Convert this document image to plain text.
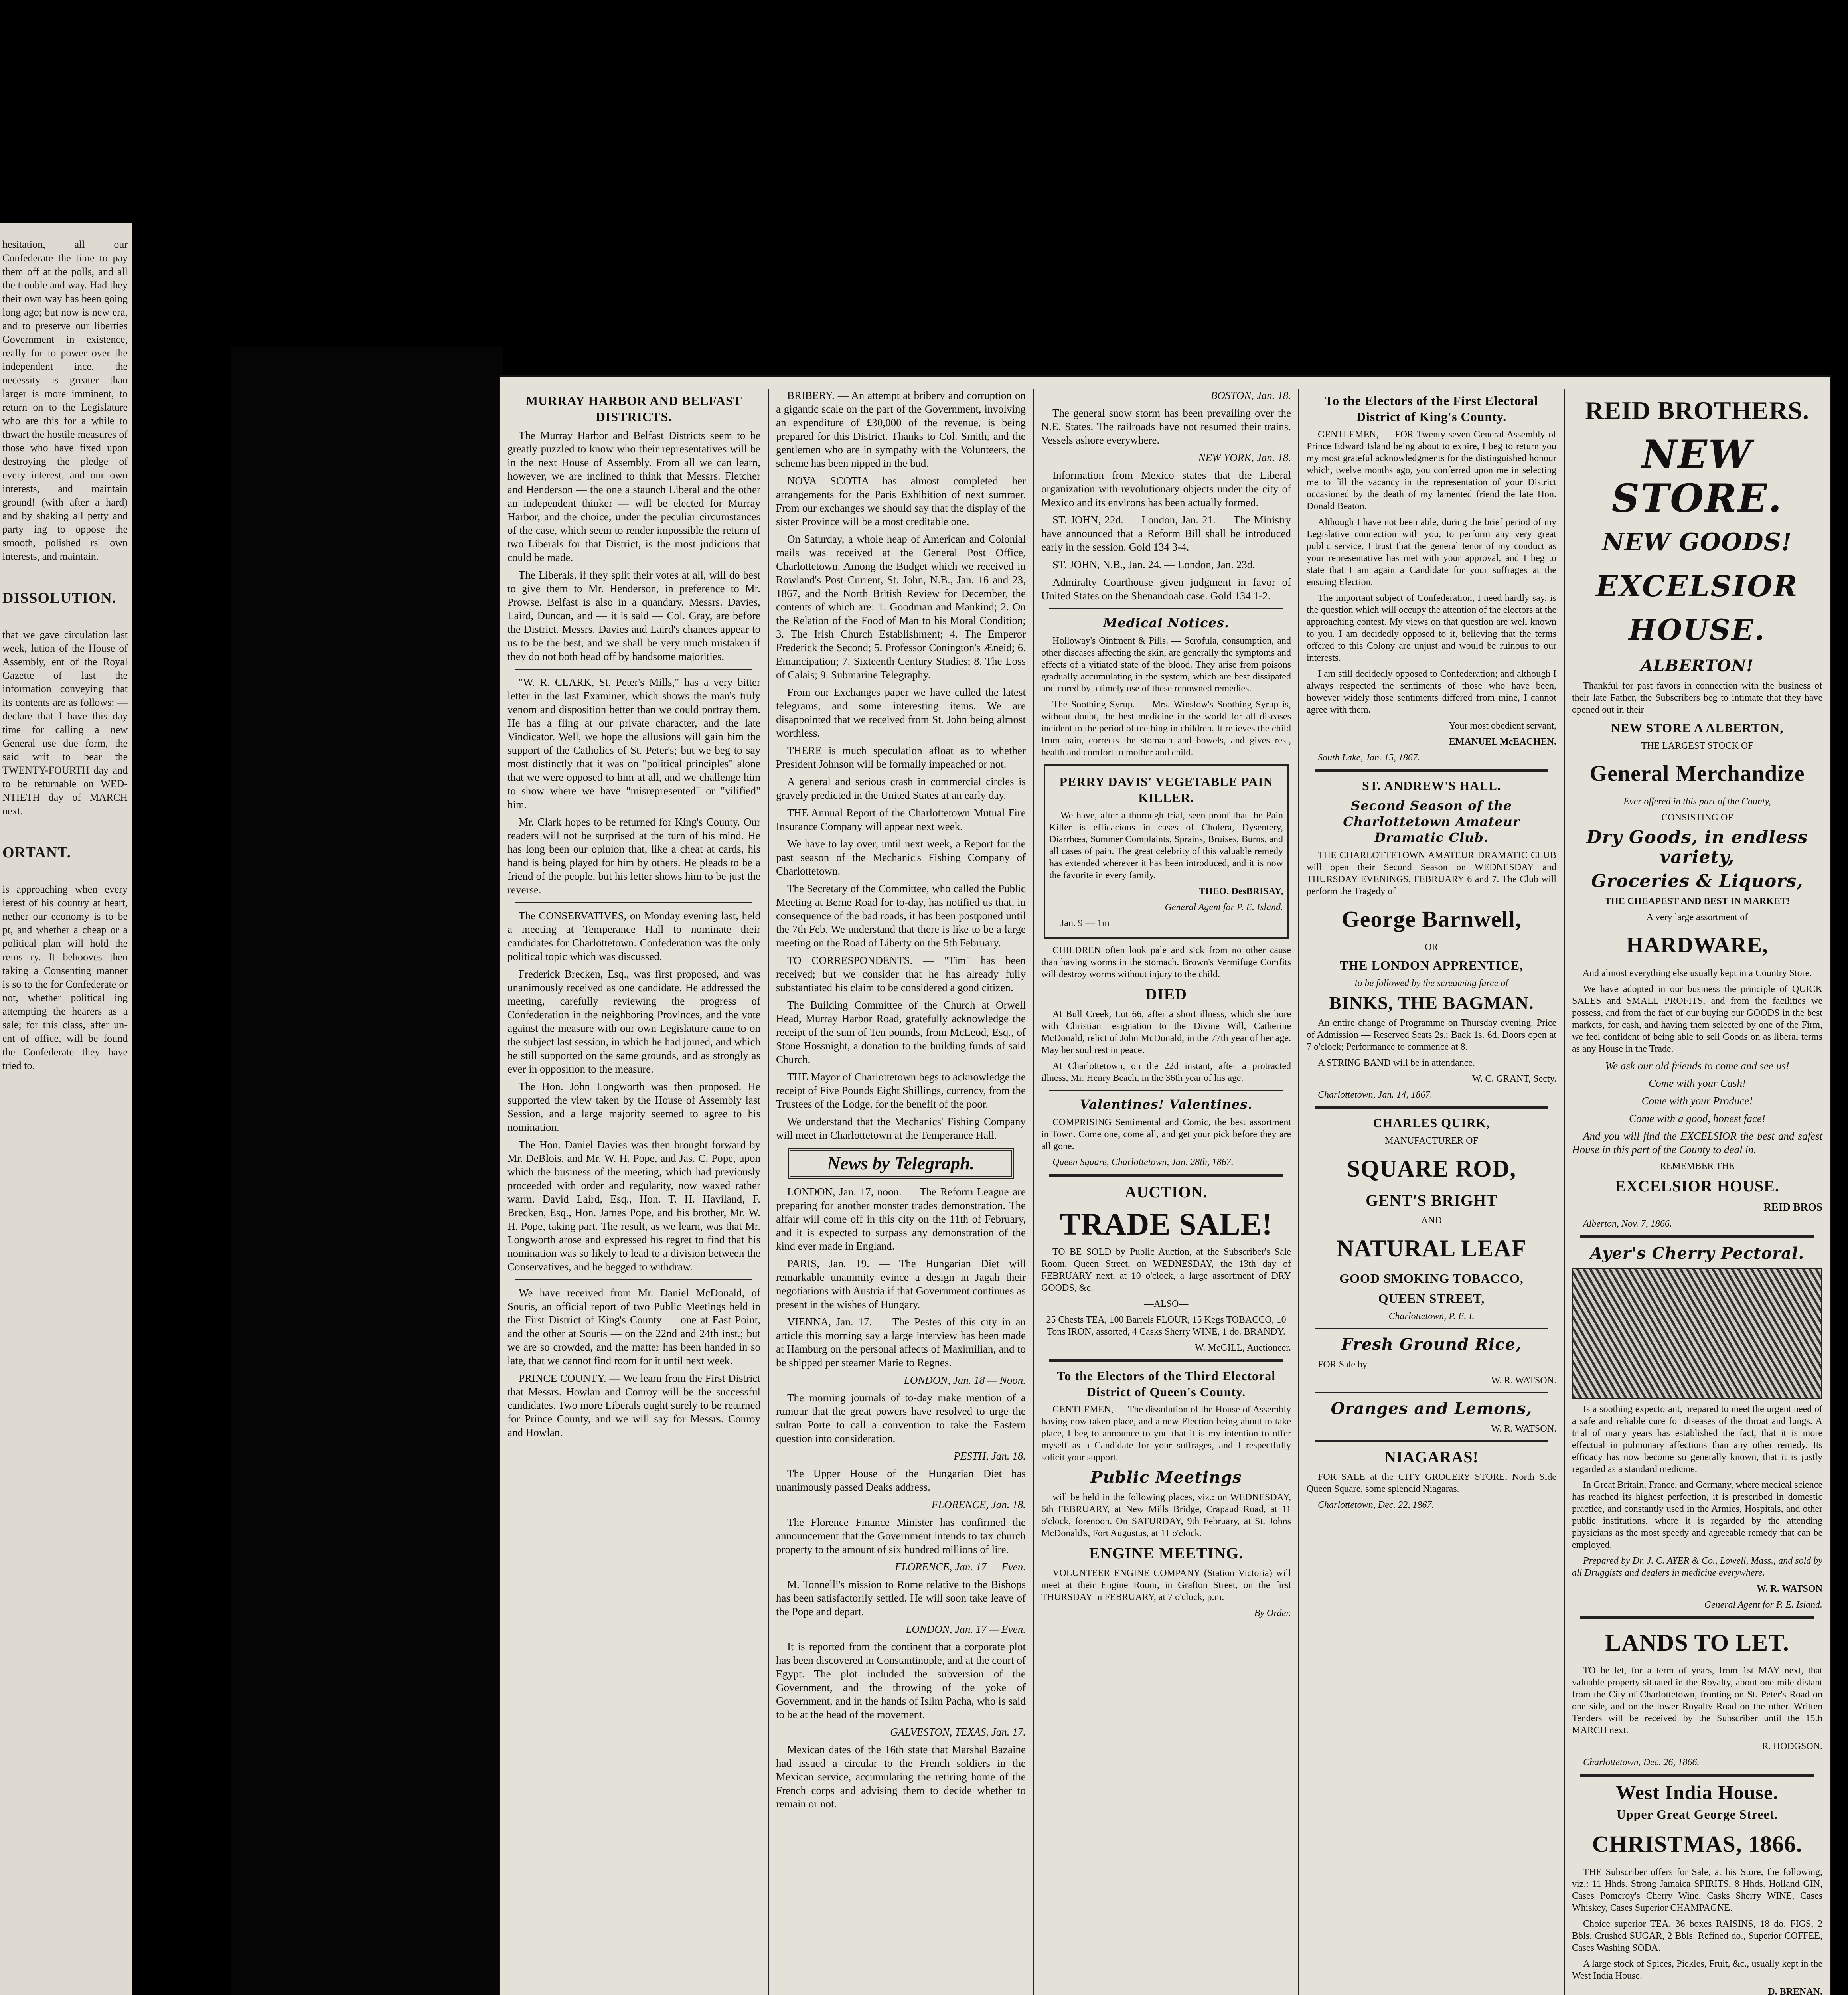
hesitation, all our Confederate the time to pay them off at the polls, and all the trouble and way. Had they their own way has been going long ago; but now is new era, and to preserve our liberties Government in existence, really for to power over the independent ince, the necessity is greater than larger is more imminent, to return on to the Legislature who are this for a while to thwart the hostile measures of those who have fixed upon destroying the pledge of every interest, and our own interests, and maintain ground! (with after a hard) and by shaking all petty and party ing to oppose the smooth, polished rs' own interests, and maintain.
DISSOLUTION.
that we gave circulation last week, lution of the House of Assembly, ent of the Royal Gazette of last the information conveying that its contents are as follows: — declare that I have this day time for calling a new General use due form, the said writ to bear the TWENTY-FOURTH day and to be returnable on WED- NTIETH day of MARCH next.
ORTANT.
is approaching when every ierest of his country at heart, nether our economy is to be pt, and whether a cheap or a political plan will hold the reins ry. It behooves then taking a Consenting manner is so to the for Confederate or not, whether political ing attempting the hearers as a sale; for this class, after un- ent of office, will be found the Confederate they have tried to.
MURRAY HARBOR AND BELFAST DISTRICTS.
The Murray Harbor and Belfast Districts seem to be greatly puzzled to know who their representatives will be in the next House of Assembly. From all we can learn, however, we are inclined to think that Messrs. Fletcher and Henderson — the one a staunch Liberal and the other an independent thinker — will be elected for Murray Harbor, and the choice, under the peculiar circumstances of the case, which seem to render impossible the return of two Liberals for that District, is the most judicious that could be made.
The Liberals, if they split their votes at all, will do best to give them to Mr. Henderson, in preference to Mr. Prowse. Belfast is also in a quandary. Messrs. Davies, Laird, Duncan, and — it is said — Col. Gray, are before the District. Messrs. Davies and Laird's chances appear to us to be the best, and we shall be very much mistaken if they do not both head off by handsome majorities.
"W. R. CLARK, St. Peter's Mills," has a very bitter letter in the last Examiner, which shows the man's truly venom and disposition better than we could portray them. He has a fling at our private character, and the late Vindicator. Well, we hope the allusions will gain him the support of the Catholics of St. Peter's; but we beg to say most distinctly that it was on "political principles" alone that we were opposed to him at all, and we challenge him to show where we have "misrepresented" or "vilified" him.
Mr. Clark hopes to be returned for King's County. Our readers will not be surprised at the turn of his mind. He has long been our opinion that, like a cheat at cards, his hand is being played for him by others. He pleads to be a friend of the people, but his letter shows him to be just the reverse.
The CONSERVATIVES, on Monday evening last, held a meeting at Temperance Hall to nominate their candidates for Charlottetown. Confederation was the only political topic which was discussed.
Frederick Brecken, Esq., was first proposed, and was unanimously received as one candidate. He addressed the meeting, carefully reviewing the progress of Confederation in the neighboring Provinces, and the vote against the measure with our own Legislature came to on the subject last session, in which he had joined, and which he still supported on the same grounds, and as strongly as ever in opposition to the measure.
The Hon. John Longworth was then proposed. He supported the view taken by the House of Assembly last Session, and a large majority seemed to agree to his nomination.
The Hon. Daniel Davies was then brought forward by Mr. DeBlois, and Mr. W. H. Pope, and Jas. C. Pope, upon which the business of the meeting, which had previously proceeded with order and regularity, now waxed rather warm. David Laird, Esq., Hon. T. H. Haviland, F. Brecken, Esq., Hon. James Pope, and his brother, Mr. W. H. Pope, taking part. The result, as we learn, was that Mr. Longworth arose and expressed his regret to find that his nomination was so likely to lead to a division between the Conservatives, and he begged to withdraw.
We have received from Mr. Daniel McDonald, of Souris, an official report of two Public Meetings held in the First District of King's County — one at East Point, and the other at Souris — on the 22nd and 24th inst.; but we are so crowded, and the matter has been handed in so late, that we cannot find room for it until next week.
PRINCE COUNTY. — We learn from the First District that Messrs. Howlan and Conroy will be the successful candidates. Two more Liberals ought surely to be returned for Prince County, and we will say for Messrs. Conroy and Howlan.
BRIBERY. — An attempt at bribery and corruption on a gigantic scale on the part of the Government, involving an expenditure of £30,000 of the revenue, is being prepared for this District. Thanks to Col. Smith, and the gentlemen who are in sympathy with the Volunteers, the scheme has been nipped in the bud.
NOVA SCOTIA has almost completed her arrangements for the Paris Exhibition of next summer. From our exchanges we should say that the display of the sister Province will be a most creditable one.
On Saturday, a whole heap of American and Colonial mails was received at the General Post Office, Charlottetown. Among the Budget which we received in Rowland's Post Current, St. John, N.B., Jan. 16 and 23, 1867, and the North British Review for December, the contents of which are: 1. Goodman and Mankind; 2. On the Relation of the Food of Man to his Moral Condition; 3. The Irish Church Establishment; 4. The Emperor Frederick the Second; 5. Professor Conington's Æneid; 6. Emancipation; 7. Sixteenth Century Studies; 8. The Loss of Calais; 9. Submarine Telegraphy.
From our Exchanges paper we have culled the latest telegrams, and some interesting items. We are disappointed that we received from St. John being almost worthless.
THERE is much speculation afloat as to whether President Johnson will be formally impeached or not.
A general and serious crash in commercial circles is gravely predicted in the United States at an early day.
THE Annual Report of the Charlottetown Mutual Fire Insurance Company will appear next week.
We have to lay over, until next week, a Report for the past season of the Mechanic's Fishing Company of Charlottetown.
The Secretary of the Committee, who called the Public Meeting at Berne Road for to-day, has notified us that, in consequence of the bad roads, it has been postponed until the 7th Feb. We understand that there is like to be a large meeting on the Road of Liberty on the 5th February.
TO CORRESPONDENTS. — "Tim" has been received; but we consider that he has already fully substantiated his claim to be considered a good citizen.
The Building Committee of the Church at Orwell Head, Murray Harbor Road, gratefully acknowledge the receipt of the sum of Ten pounds, from McLeod, Esq., of Stone Hossnight, a donation to the building funds of said Church.
THE Mayor of Charlottetown begs to acknowledge the receipt of Five Pounds Eight Shillings, currency, from the Trustees of the Lodge, for the benefit of the poor.
We understand that the Mechanics' Fishing Company will meet in Charlottetown at the Temperance Hall.
News by Telegraph.
LONDON, Jan. 17, noon. — The Reform League are preparing for another monster trades demonstration. The affair will come off in this city on the 11th of February, and it is expected to surpass any demonstration of the kind ever made in England.
PARIS, Jan. 19. — The Hungarian Diet will remarkable unanimity evince a design in Jagah their negotiations with Austria if that Government continues as present in the wishes of Hungary.
VIENNA, Jan. 17. — The Pestes of this city in an article this morning say a large interview has been made at Hamburg on the personal affects of Maximilian, and to be shipped per steamer Marie to Regnes.
LONDON, Jan. 18 — Noon.
The morning journals of to-day make mention of a rumour that the great powers have resolved to urge the sultan Porte to call a convention to take the Eastern question into consideration.
PESTH, Jan. 18.
The Upper House of the Hungarian Diet has unanimously passed Deaks address.
FLORENCE, Jan. 18.
The Florence Finance Minister has confirmed the announcement that the Government intends to tax church property to the amount of six hundred millions of lire.
FLORENCE, Jan. 17 — Even.
M. Tonnelli's mission to Rome relative to the Bishops has been satisfactorily settled. He will soon take leave of the Pope and depart.
LONDON, Jan. 17 — Even.
It is reported from the continent that a corporate plot has been discovered in Constantinople, and at the court of Egypt. The plot included the subversion of the Government, and the throwing of the yoke of Government, and in the hands of Islim Pacha, who is said to be at the head of the movement.
GALVESTON, TEXAS, Jan. 17.
Mexican dates of the 16th state that Marshal Bazaine had issued a circular to the French soldiers in the Mexican service, accumulating the retiring home of the French corps and advising them to decide whether to remain or not.
BOSTON, Jan. 18.
The general snow storm has been prevailing over the N.E. States. The railroads have not resumed their trains. Vessels ashore everywhere.
NEW YORK, Jan. 18.
Information from Mexico states that the Liberal organization with revolutionary objects under the city of Mexico and its environs has been actually formed.
ST. JOHN, 22d. — London, Jan. 21. — The Ministry have announced that a Reform Bill shall be introduced early in the session. Gold 134 3-4.
ST. JOHN, N.B., Jan. 24. — London, Jan. 23d.
Admiralty Courthouse given judgment in favor of United States on the Shenandoah case. Gold 134 1-2.
Medical Notices.
Holloway's Ointment & Pills. — Scrofula, consumption, and other diseases affecting the skin, are generally the symptoms and effects of a vitiated state of the blood. They arise from poisons gradually accumulating in the system, which are best dissipated and cured by a timely use of these renowned remedies.
The Soothing Syrup. — Mrs. Winslow's Soothing Syrup is, without doubt, the best medicine in the world for all diseases incident to the period of teething in children. It relieves the child from pain, corrects the stomach and bowels, and gives rest, health and comfort to mother and child.
PERRY DAVIS' VEGETABLE PAIN KILLER.
We have, after a thorough trial, seen proof that the Pain Killer is efficacious in cases of Cholera, Dysentery, Diarrhœa, Summer Complaints, Sprains, Bruises, Burns, and all cases of pain. The great celebrity of this valuable remedy has extended wherever it has been introduced, and it is now the favorite in every family.
THEO. DesBRISAY,
General Agent for P. E. Island.
Jan. 9 — 1m
CHILDREN often look pale and sick from no other cause than having worms in the stomach. Brown's Vermifuge Comfits will destroy worms without injury to the child.
DIED
At Bull Creek, Lot 66, after a short illness, which she bore with Christian resignation to the Divine Will, Catherine McDonald, relict of John McDonald, in the 77th year of her age. May her soul rest in peace.
At Charlottetown, on the 22d instant, after a protracted illness, Mr. Henry Beach, in the 36th year of his age.
Valentines! Valentines.
COMPRISING Sentimental and Comic, the best assortment in Town. Come one, come all, and get your pick before they are all gone.
Queen Square, Charlottetown, Jan. 28th, 1867.
AUCTION.
TRADE SALE!
TO BE SOLD by Public Auction, at the Subscriber's Sale Room, Queen Street, on WEDNESDAY, the 13th day of FEBRUARY next, at 10 o'clock, a large assortment of DRY GOODS, &c.
—ALSO—
25 Chests TEA, 100 Barrels FLOUR, 15 Kegs TOBACCO, 10 Tons IRON, assorted, 4 Casks Sherry WINE, 1 do. BRANDY.
W. McGILL, Auctioneer.
To the Electors of the Third Electoral District of Queen's County.
GENTLEMEN, — The dissolution of the House of Assembly having now taken place, and a new Election being about to take place, I beg to announce to you that it is my intention to offer myself as a Candidate for your suffrages, and I respectfully solicit your support.
Public Meetings
will be held in the following places, viz.: on WEDNESDAY, 6th FEBRUARY, at New Mills Bridge, Crapaud Road, at 11 o'clock, forenoon. On SATURDAY, 9th February, at St. Johns McDonald's, Fort Augustus, at 11 o'clock.
ENGINE MEETING.
VOLUNTEER ENGINE COMPANY (Station Victoria) will meet at their Engine Room, in Grafton Street, on the first THURSDAY in FEBRUARY, at 7 o'clock, p.m.
By Order.
To the Electors of the First Electoral District of King's County.
GENTLEMEN, — FOR Twenty-seven General Assembly of Prince Edward Island being about to expire, I beg to return you my most grateful acknowledgments for the distinguished honour which, twelve months ago, you conferred upon me in selecting me to fill the vacancy in the representation of your District occasioned by the death of my lamented friend the late Hon. Donald Beaton.
Although I have not been able, during the brief period of my Legislative connection with you, to perform any very great public service, I trust that the general tenor of my conduct as your representative has met with your approval, and I beg to state that I am again a Candidate for your suffrages at the ensuing Election.
The important subject of Confederation, I need hardly say, is the question which will occupy the attention of the electors at the approaching contest. My views on that question are well known to you. I am decidedly opposed to it, believing that the terms offered to this Colony are unjust and would be ruinous to our interests.
I am still decidedly opposed to Confederation; and although I always respected the sentiments of those who have been, however widely those sentiments differed from mine, I cannot agree with them.
Your most obedient servant,
EMANUEL McEACHEN.
South Lake, Jan. 15, 1867.
ST. ANDREW'S HALL.
Second Season of the Charlottetown Amateur Dramatic Club.
THE CHARLOTTETOWN AMATEUR DRAMATIC CLUB will open their Second Season on WEDNESDAY and THURSDAY EVENINGS, FEBRUARY 6 and 7. The Club will perform the Tragedy of
George Barnwell,
OR
THE LONDON APPRENTICE,
to be followed by the screaming farce of
BINKS, THE BAGMAN.
An entire change of Programme on Thursday evening. Price of Admission — Reserved Seats 2s.; Back 1s. 6d. Doors open at 7 o'clock; Performance to commence at 8.
A STRING BAND will be in attendance.
W. C. GRANT, Secty.
Charlottetown, Jan. 14, 1867.
CHARLES QUIRK,
MANUFACTURER OF
SQUARE ROD,
GENT'S BRIGHT
AND
NATURAL LEAF
GOOD SMOKING TOBACCO,
QUEEN STREET,
Charlottetown, P. E. I.
Fresh Ground Rice,
FOR Sale by
W. R. WATSON.
Oranges and Lemons,
W. R. WATSON.
NIAGARAS!
FOR SALE at the CITY GROCERY STORE, North Side Queen Square, some splendid Niagaras.
Charlottetown, Dec. 22, 1867.
REID BROTHERS.
NEW STORE.
NEW GOODS!
EXCELSIOR HOUSE.
ALBERTON!
Thankful for past favors in connection with the business of their late Father, the Subscribers beg to intimate that they have opened out in their
NEW STORE A ALBERTON,
THE LARGEST STOCK OF
General Merchandize
Ever offered in this part of the County,
CONSISTING OF
Dry Goods, in endless variety,
Groceries & Liquors,
THE CHEAPEST AND BEST IN MARKET!
A very large assortment of
HARDWARE,
And almost everything else usually kept in a Country Store.
We have adopted in our business the principle of QUICK SALES and SMALL PROFITS, and from the facilities we possess, and from the fact of our buying our GOODS in the best markets, for cash, and having them selected by one of the Firm, we feel confident of being able to sell Goods on as liberal terms as any House in the Trade.
We ask our old friends to come and see us!
Come with your Cash!
Come with your Produce!
Come with a good, honest face!
And you will find the EXCELSIOR the best and safest House in this part of the County to deal in.
REMEMBER THE
EXCELSIOR HOUSE.
REID BROS
Alberton, Nov. 7, 1866.
Ayer's Cherry Pectoral.
Is a soothing expectorant, prepared to meet the urgent need of a safe and reliable cure for diseases of the throat and lungs. A trial of many years has established the fact, that it is more effectual in pulmonary affections than any other remedy. Its efficacy has now become so generally known, that it is justly regarded as a standard medicine.
In Great Britain, France, and Germany, where medical science has reached its highest perfection, it is prescribed in domestic practice, and constantly used in the Armies, Hospitals, and other public institutions, where it is regarded by the attending physicians as the most speedy and agreeable remedy that can be employed.
Prepared by Dr. J. C. AYER & Co., Lowell, Mass., and sold by all Druggists and dealers in medicine everywhere.
W. R. WATSON
General Agent for P. E. Island.
LANDS TO LET.
TO be let, for a term of years, from 1st MAY next, that valuable property situated in the Royalty, about one mile distant from the City of Charlottetown, fronting on St. Peter's Road on one side, and on the lower Royalty Road on the other. Written Tenders will be received by the Subscriber until the 15th MARCH next.
R. HODGSON.
Charlottetown, Dec. 26, 1866.
West India House.
Upper Great George Street.
CHRISTMAS, 1866.
THE Subscriber offers for Sale, at his Store, the following, viz.: 11 Hhds. Strong Jamaica SPIRITS, 8 Hhds. Holland GIN, Cases Pomeroy's Cherry Wine, Casks Sherry WINE, Cases Whiskey, Cases Superior CHAMPAGNE.
Choice superior TEA, 36 boxes RAISINS, 18 do. FIGS, 2 Bbls. Crushed SUGAR, 2 Bbls. Refined do., Superior COFFEE, Cases Washing SODA.
A large stock of Spices, Pickles, Fruit, &c., usually kept in the West India House.
D. BRENAN.
